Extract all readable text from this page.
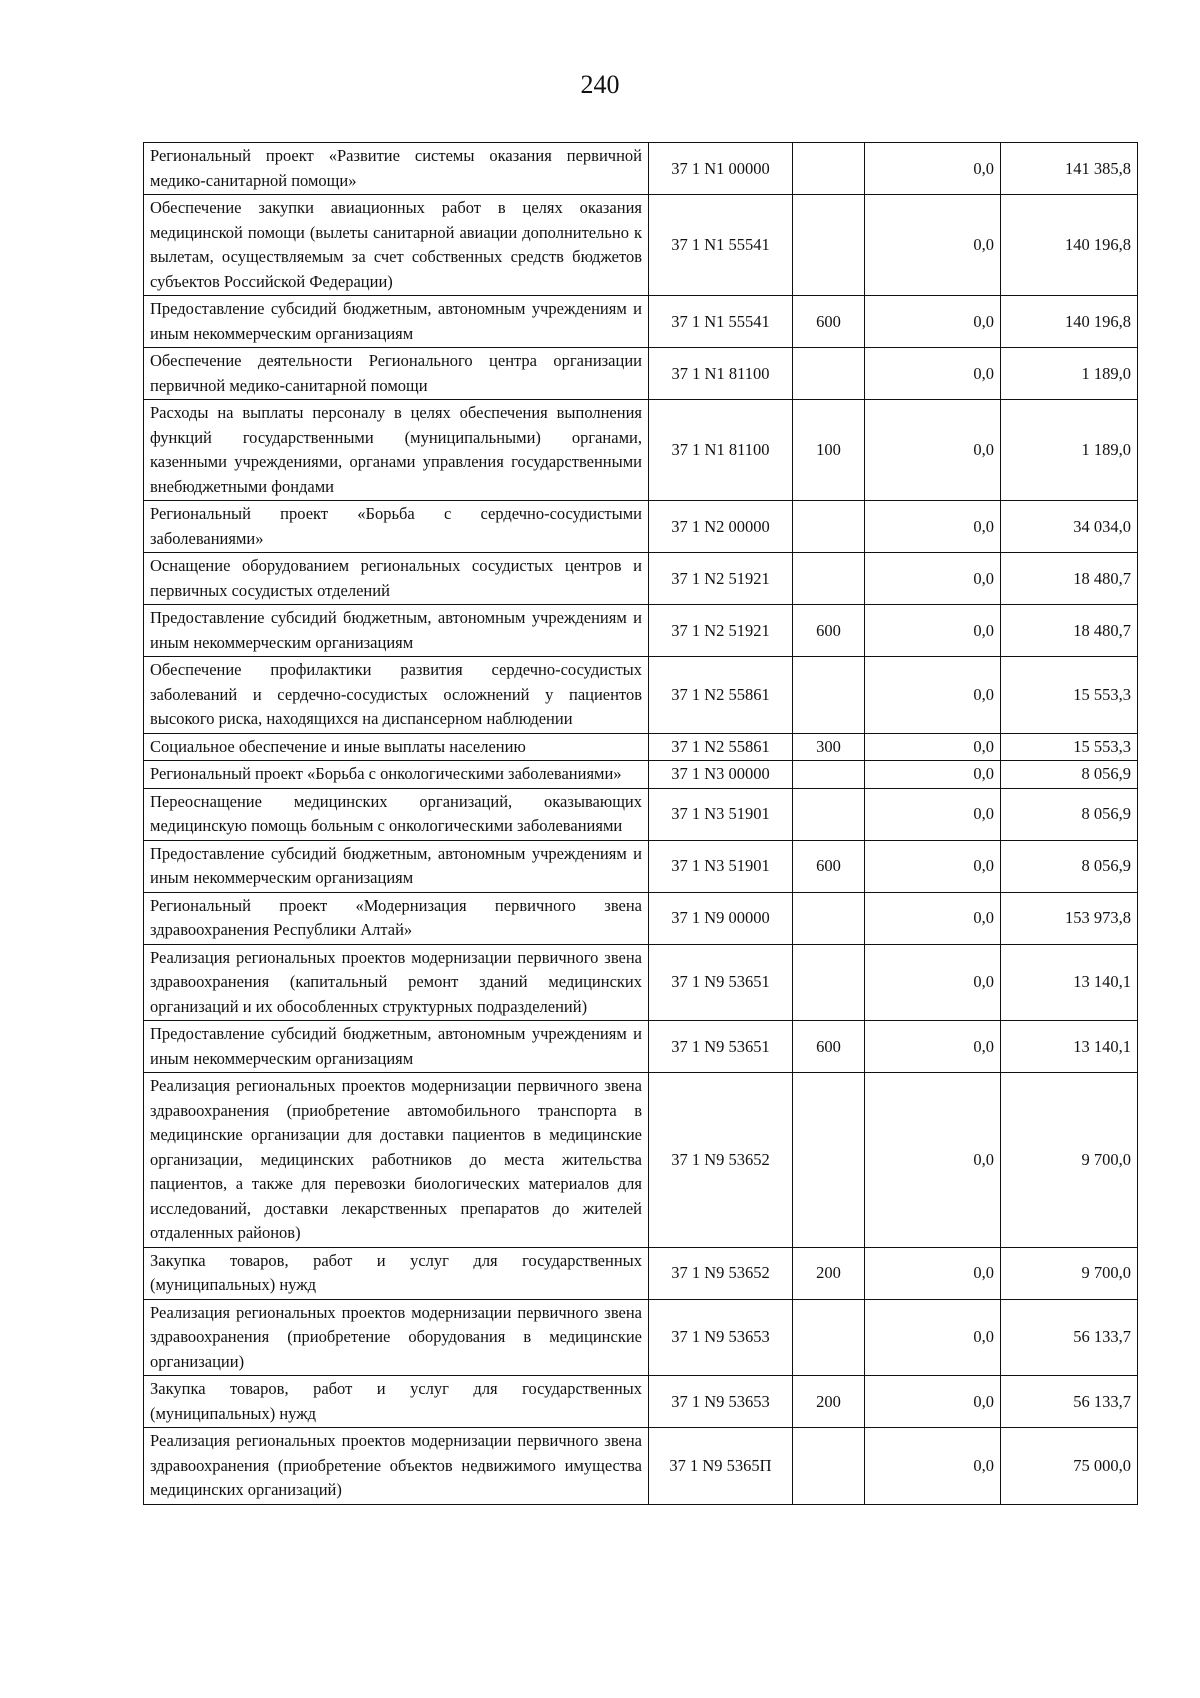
240
Региональный проект «Развитие системы оказания первичной медико-санитарной помощи»	37 1 N1 00000		0,0	141 385,8
Обеспечение закупки авиационных работ в целях оказания медицинской помощи (вылеты санитарной авиации дополнительно к вылетам, осуществляемым за счет собственных средств бюджетов субъектов Российской Федерации)	37 1 N1 55541		0,0	140 196,8
Предоставление субсидий бюджетным, автономным учреждениям и иным некоммерческим организациям	37 1 N1 55541	600	0,0	140 196,8
Обеспечение деятельности Регионального центра организации первичной медико-санитарной помощи	37 1 N1 81100		0,0	1 189,0
Расходы на выплаты персоналу в целях обеспечения выполнения функций государственными (муниципальными) органами, казенными учреждениями, органами управления государственными внебюджетными фондами	37 1 N1 81100	100	0,0	1 189,0
Региональный проект «Борьба с сердечно-сосудистыми заболеваниями»	37 1 N2 00000		0,0	34 034,0
Оснащение оборудованием региональных сосудистых центров и первичных сосудистых отделений	37 1 N2 51921		0,0	18 480,7
Предоставление субсидий бюджетным, автономным учреждениям и иным некоммерческим организациям	37 1 N2 51921	600	0,0	18 480,7
Обеспечение профилактики развития сердечно-сосудистых заболеваний и сердечно-сосудистых осложнений у пациентов высокого риска, находящихся на диспансерном наблюдении	37 1 N2 55861		0,0	15 553,3
Социальное обеспечение и иные выплаты населению	37 1 N2 55861	300	0,0	15 553,3
Региональный проект «Борьба с онкологическими заболеваниями»	37 1 N3 00000		0,0	8 056,9
Переоснащение медицинских организаций, оказывающих медицинскую помощь больным с онкологическими заболеваниями	37 1 N3 51901		0,0	8 056,9
Предоставление субсидий бюджетным, автономным учреждениям и иным некоммерческим организациям	37 1 N3 51901	600	0,0	8 056,9
Региональный проект «Модернизация первичного звена здравоохранения Республики Алтай»	37 1 N9 00000		0,0	153 973,8
Реализация региональных проектов модернизации первичного звена здравоохранения (капитальный ремонт зданий медицинских организаций и их обособленных структурных подразделений)	37 1 N9 53651		0,0	13 140,1
Предоставление субсидий бюджетным, автономным учреждениям и иным некоммерческим организациям	37 1 N9 53651	600	0,0	13 140,1
Реализация региональных проектов модернизации первичного звена здравоохранения (приобретение автомобильного транспорта в медицинские организации для доставки пациентов в медицинские организации, медицинских работников до места жительства пациентов, а также для перевозки биологических материалов для исследований, доставки лекарственных препаратов до жителей отдаленных районов)	37 1 N9 53652		0,0	9 700,0
Закупка товаров, работ и услуг для государственных (муниципальных) нужд	37 1 N9 53652	200	0,0	9 700,0
Реализация региональных проектов модернизации первичного звена здравоохранения (приобретение оборудования в медицинские организации)	37 1 N9 53653		0,0	56 133,7
Закупка товаров, работ и услуг для государственных (муниципальных) нужд	37 1 N9 53653	200	0,0	56 133,7
Реализация региональных проектов модернизации первичного звена здравоохранения (приобретение объектов недвижимого имущества медицинских организаций)	37 1 N9 5365П		0,0	75 000,0
